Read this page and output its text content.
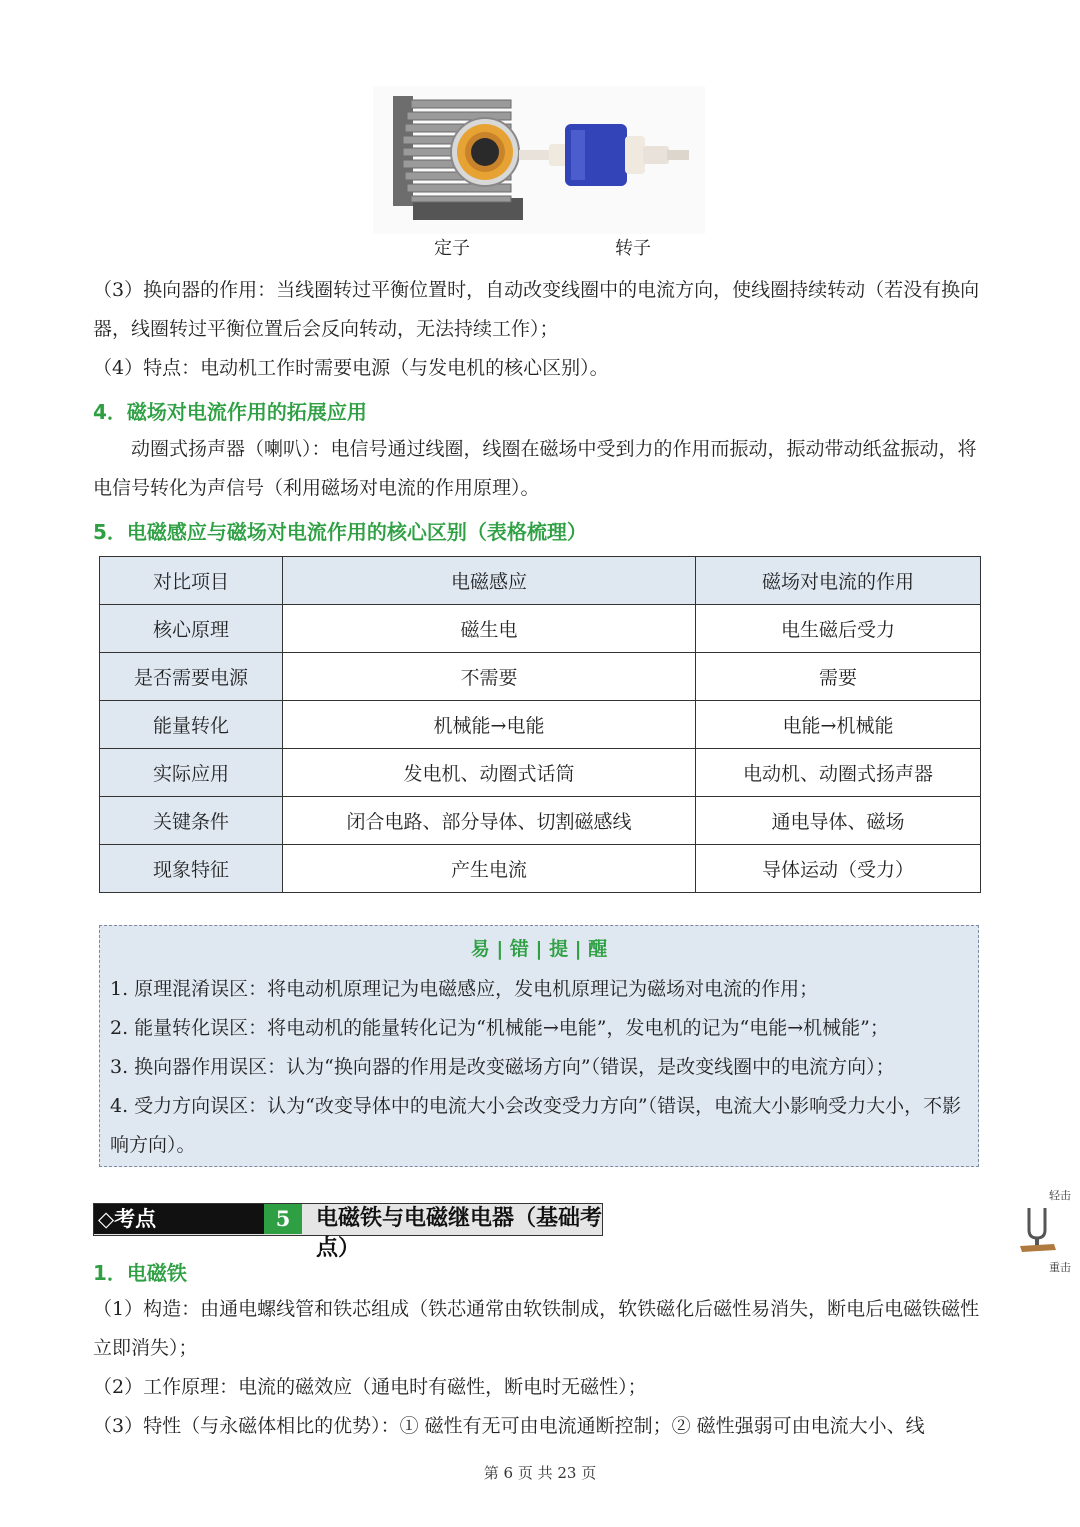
定子	转子

（3）换向器的作用：当线圈转过平衡位置时，自动改变线圈中的电流方向，使线圈持续转动（若没有换向器，线圈转过平衡位置后会反向转动，无法持续工作）；

（4）特点：电动机工作时需要电源（与发电机的核心区别）。

4．磁场对电流作用的拓展应用

动圈式扬声器（喇叭）：电信号通过线圈，线圈在磁场中受到力的作用而振动，振动带动纸盆振动，将电信号转化为声信号（利用磁场对电流的作用原理）。

5．电磁感应与磁场对电流作用的核心区别（表格梳理）
对比项目	电磁感应	磁场对电流的作用
核心原理	磁生电	电生磁后受力
是否需要电源	不需要	需要
能量转化	机械能→电能	电能→机械能
实际应用	发电机、动圈式话筒	电动机、动圈式扬声器
关键条件	闭合电路、部分导体、切割磁感线	通电导体、磁场
现象特征	产生电流	导体运动（受力）
易 | 错 | 提 | 醒
1. 原理混淆误区：将电动机原理记为电磁感应，发电机原理记为磁场对电流的作用；
2. 能量转化误区：将电动机的能量转化记为“机械能→电能”，发电机的记为“电能→机械能”；
3. 换向器作用误区：认为“换向器的作用是改变磁场方向”（错误，是改变线圈中的电流方向）；
4. 受力方向误区：认为“改变导体中的电流大小会改变受力方向”（错误，电流大小影响受力大小，不影响方向）。
◇考点	5	电磁铁与电磁继电器（基础考点）
轻击
重击
1．电磁铁

（1）构造：由通电螺线管和铁芯组成（铁芯通常由软铁制成，软铁磁化后磁性易消失，断电后电磁铁磁性立即消失）；

（2）工作原理：电流的磁效应（通电时有磁性，断电时无磁性）；

（3）特性（与永磁体相比的优势）：① 磁性有无可由电流通断控制；② 磁性强弱可由电流大小、线

第 6 页 共 23 页
